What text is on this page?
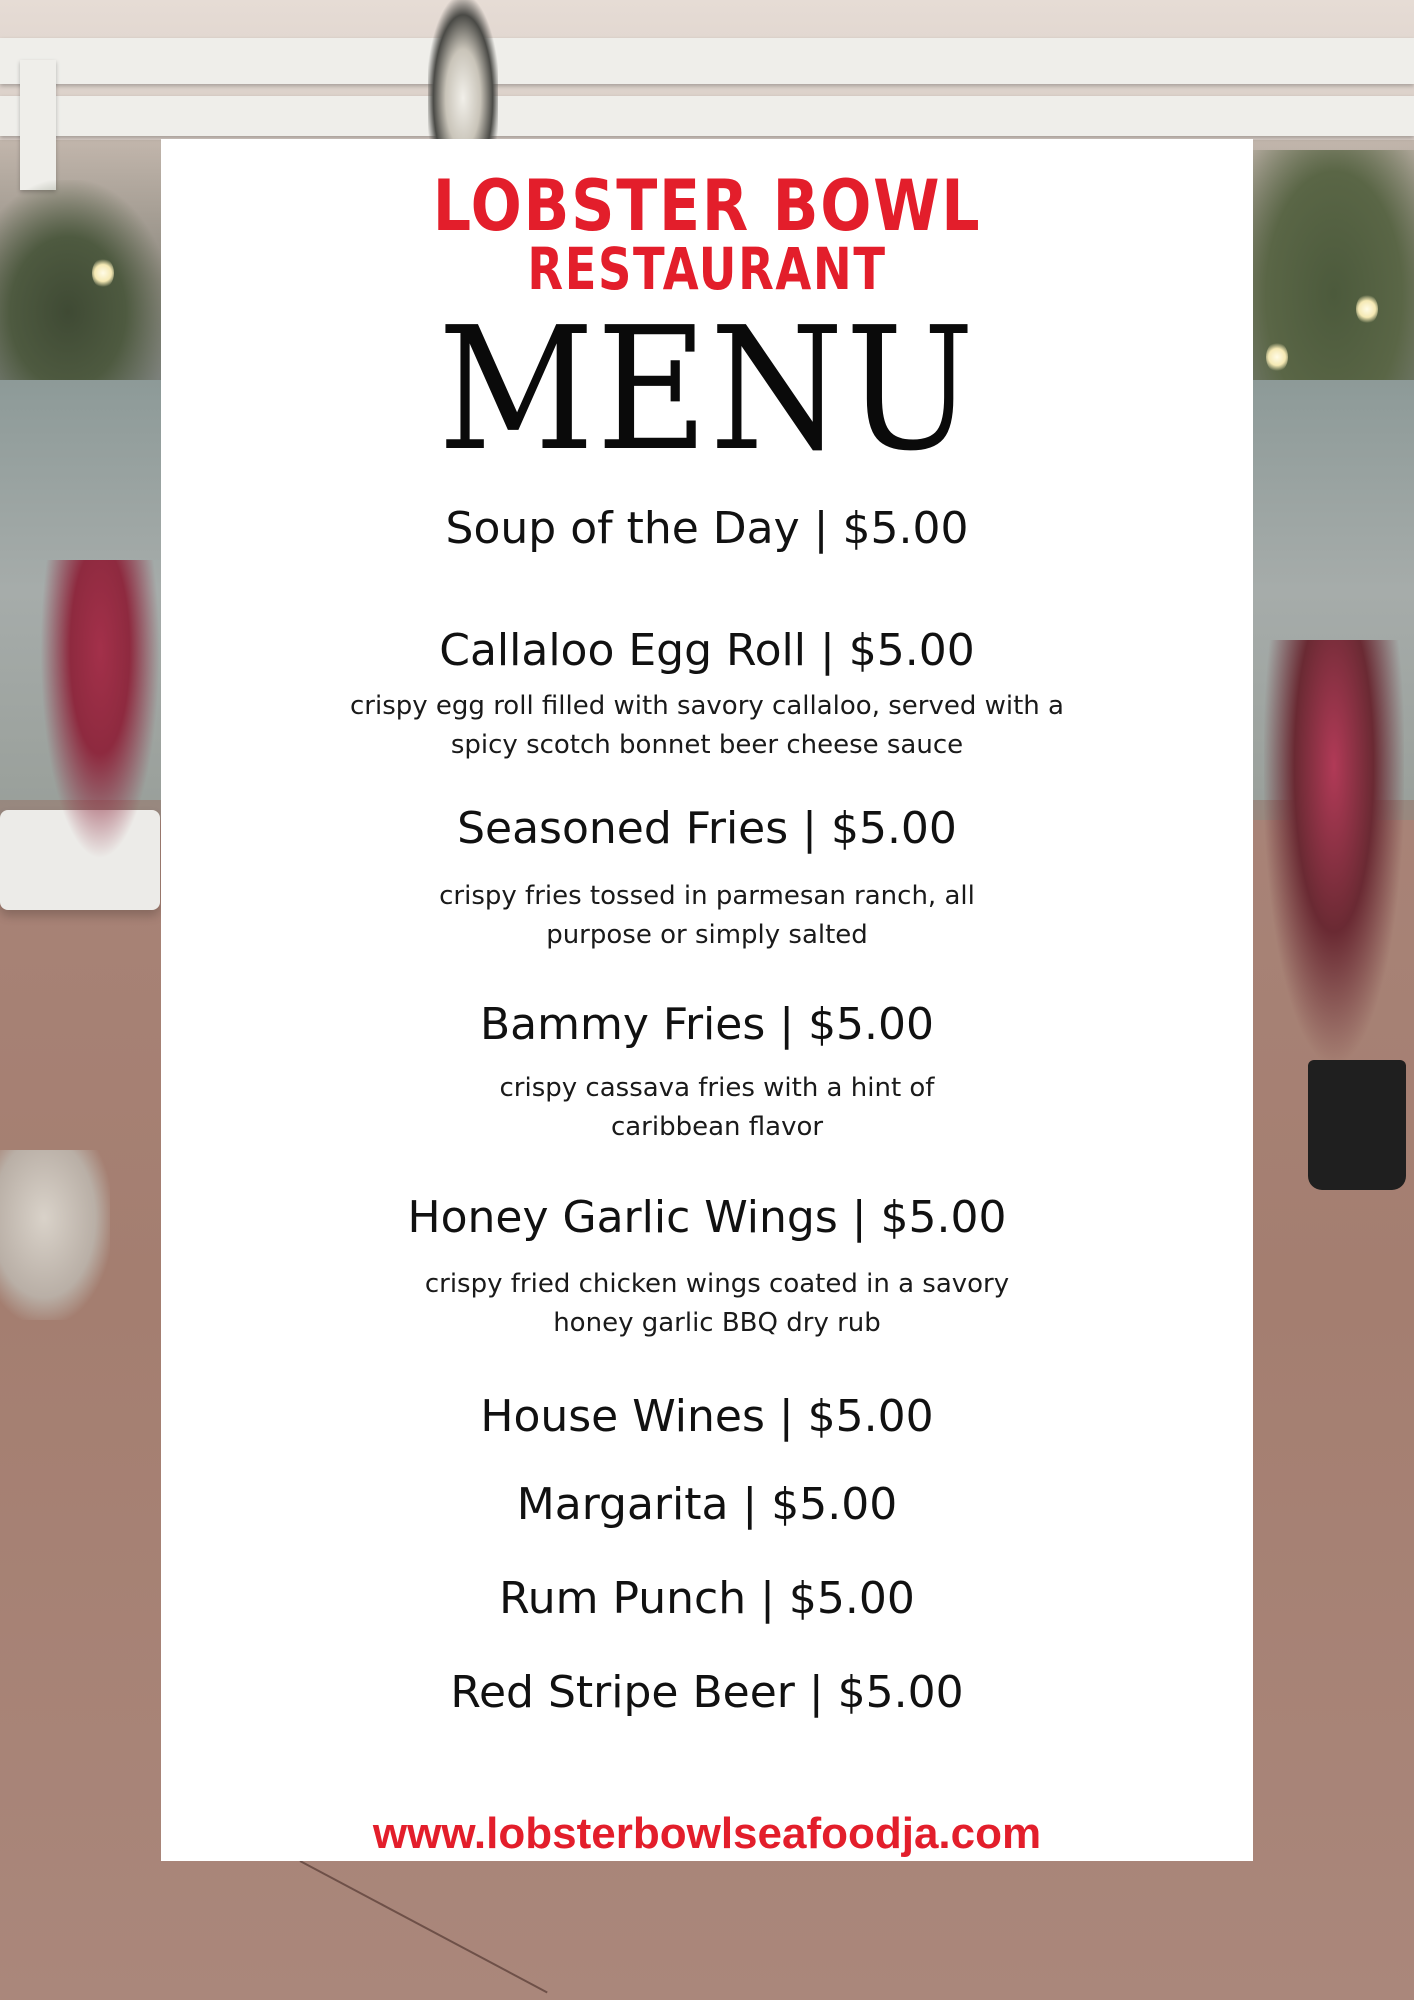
LOBSTER BOWL
RESTAURANT
MENU
Soup of the Day | $5.00
Callaloo Egg Roll | $5.00
crispy egg roll filled with savory callaloo, served with a spicy scotch bonnet beer cheese sauce
Seasoned Fries | $5.00
crispy fries tossed in parmesan ranch, all purpose or simply salted
Bammy Fries | $5.00
crispy cassava fries with a hint of caribbean flavor
Honey Garlic Wings | $5.00
crispy fried chicken wings coated in a savory honey garlic BBQ dry rub
House Wines | $5.00
Margarita | $5.00
Rum Punch | $5.00
Red Stripe Beer | $5.00
www.lobsterbowlseafoodja.com
